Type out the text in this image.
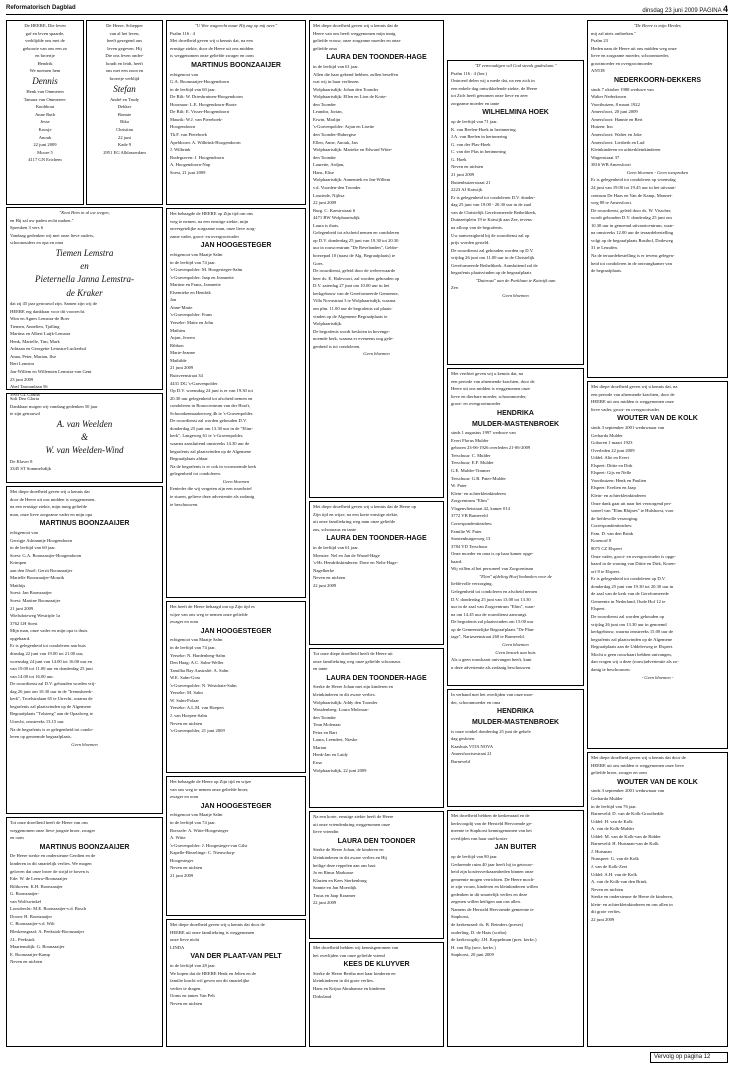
Reformatorisch Dagblad	dinsdag 23 juni 2009 PAGINA 4

De HEERE, Die leven

gaf en leven spaarde,

verblijdde ons met de

geboorte van ons een zo

en broertje

Hendrik

We noemen hem

Dennis

Henk van Ommeren

Tamara van Ommeren-

Knobbout

Anne Ruth

Jesse

Koosje

Anouk

22 juni 2009

Moore 5

4117 GN Erichem

De Heere, Schepper

van al het leven,

heeft gezegend ons

leven gegeven. Hij

Die ons leven onder-

houdt en leidt, heeft

ons met een zoon en

broertje verblijd

Stefan

André en Trudy

Dekker

Bonnie

Bika

Christian

22 juni

Kade 9

2951 EG Alblasserdam

"Kent Hem in al uw wegen,

en Hij zal uw paden recht maken."

Spreuken 3 vers 6

Vandaag gedenken wij met onze lieve ouders,

schoonouders en opa en oma

Tiemen Lemstra

en

Pieternella Janna Lemstra-

de Kraker

dat zij 45 jaar getrouwd zijn. Samen zijn wij de

HEERE erg dankbaar voor dit voorrecht.

Wim en Agnes Lemstra-de Boer

Tiemen, Annelien, Tjalling

Martina en Albert Luijk-Lemstra

Henk, Marielle, Tim, Mark

Adriaan en Georgette Lemstra-Luckerhof

Anna, Peter, Marian, Ilse

Bert Lemstra

Jan-Willem en Willemien Lemstra-van Gent

23 juni 2009

Abel Tasmanlaan 56

3903 GL Gouda

Soli Deo Gloria

Dankbaar mogen wij vandaag gedenken 50 jaar

te zijn getrouwd

A. van Weelden

&

W. van Weelden-Wind

De Klaver 8

3345 ST Sommelsdijk

Met diepe droefheid geven wij u kennis dat

door de Heere uit ons midden is weggenomen,

na een ernstige ziekte, mijn innig geliefde

man, onze lieve zorgzame vader en mijn opa

MARTINUS BOONZAAIJER

echtgenoot van

Gerrigje Adrianntje Hoogendoorn

in de leeftijd van 60 jaar.

Soest: G.A. Boonzaaijer-Hoogendoorn

Krimpen

aan den IJssel: Gerrit Boonzaaijer

Marielle Boonzaaijer-Mourik

Matthijs

Soest: Jan Boonzaaijer

Soest: Martine Boonzaaijer

21 juni 2009

Wielsdoteweg Westrijde 1a

3762 LH Soest

Mijn man, onze vader en mijn opa is thuis

opgebaard.

Er is gelegenheid tot condoleren aan huis

dinsdag 22 juni van 19.00 tot 21.00 uur,

woensdag 24 juni van 14.00 tot 16.00 uur en

van 19.00 tot 11.00 uur en donderdag 25 juni

van 14.00 tot 16.00 uur.

De rouwdienst zal D.V. gehouden worden vrij-

dag 26 juni om 10.30 uur in de "Irenusheerk-

kerk", Troelstralaan 65 te Utrecht, waarna de

begrafenis zal plaatsvinden op de Algemene

Begraafplaats "Tolsteeg" aan de Opaalweg te

Utrecht, omstreeks 13.15 uur.

Na de begrafenis is er gelegenheid tot condo-

leren op genoemde begraafplaats.

Geen bloemen

Tot onze droefheid heeft de Heere van ons

weggenomen onze lieve jongste broer, zwager

en oom

MARTINUS BOONZAAIJER

De Heere sterke en ondersteune Gerdien en de

kinderen in dit smartelijk verlies. We mogen

geloven dat onze broer de strijd te boven is

Ede: W. de Leeuw-Boonzaaijer

Bilthoven: K.H. Boonzaaijer

G. Boonzaaijer-

van Wolfswinkel

Loosdrecht: M.E. Boonzaaijer-v.d. Bosch

Doorn: H. Boonzaaijer

C. Boonzaaijer-v.d. Wilt

Bleskensgraaf: A. Peekstok-Boonzaaijer

J.L. Peekstok

Maartensdijk: G. Boonzaaijer

E. Boonzaaijer-Kamp

Neven en nichten

"U Wee wageecht maar Hij zag op mij neer."

Psalm 116 : 4

Met droefheid geven wij u kennis dat, na een

ernstige ziekte, door de Heere uit ons midden

is weggenomen onze geliefde zwager en oom

MARTINUS BOONZAAIJER

echtgenoot van

G.A. Boonzaaijer-Hoogendoorn

in de leeftijd van 60 jaar.

De Bilt: W. Driesbruinen-Hoogendoorn

Hoornaar: L.E. Hoogendoorn-Boote

De Bilt: E. Visser-Hoogendoorn

Maurik: W.J. van Piereboek-

Hoogendoorn

Th.F. van Piereboek

Apeldoorn: A. Wilbrink-Hoogendoorn

J. Wilbrink

Bodegraven: J. Hoogendoorn

A. Hoogendoorn-Nap

Soest, 21 juni 2009

Het behaagde de HEERE op Zijn tijd om ons

weg te nemen, na een ernstige ziekte, mijn

onvergetelijke zorgzame man, onze lieve zorg-

zame vader, groot- en overgrootvader

JAN HOOGESTEGER

echtgenoot van Maatje Salm

in de leeftijd van 74 jaar.

's-Gravenpolder: M. Hoogesteger-Salm

's-Gravenpolder: Jaap en Jeannette

Martine en Frans, Jeannette

Elsemieke en Hendrik

Jan

Anne-Marie

's-Gravenpolder: Frans

Yerseke: Matte en John

Mathieu

Arjan, Jeroen

Ribbon

Marie-Jeanne

Mathilde

21 juni 2009

Ruisveenstraat 34

4431 DG 's-Gravenpolder

Op D.V. woensdag 24 juni is er van 19.30 tot

20.30 uur gelegenheid tot afscheid nemen en

condoleren in Rouwcentrum van der Hooft,

Schoonkenmaakerweg 4b te 's-Gravenpolder.

De rouwdienst zal worden gehouden D.V.

donderdag 25 juni om 13.30 uur in de "Elim-

kerk", Langeweg 61 te 's-Gravenpolder,

waarna aansluitend omstreeks 14.30 uur de

begrafenis zal plaatsvinden op de Algemene

Begraafplaats aldaar.

Na de begrafenis is er ook in voornoemde kerk

gelegenheid tot condoleren.

Geen bloemen

Eenieder die wij vergeten zijn een rouwbrief

te sturen, gelieve deze advertentie als zodanig

te beschouwen.

Het heeft de Heere behaagd om op Zijn tijd es

wijze van ons weg te nemen onze geliefde

zwager en oom

JAN HOOGESTEGER

echtgenoot van Maatje Salm

in de leeftijd van 74 jaar.

Yerseke: N. Hardenberg-Salm

Den Haag: A.C. Salm-Weller

Tamilha Bay Australië: A. Salm

W.E. Salm-Goss

's-Gravenpolder: N. Westdrate-Salm

Yerseke: M. Salm

W. Salm-Polaar

Yerseke: A.L.M. van Hoepen

J. van Hoepen-Salm

Neven en nichten

's-Gravenpolder, 21 juni 2009

Het behaagde de Heere op Zijn tijd en wijze

van ons weg te nemen onze geliefde broer,

zwager en oom

JAN HOOGESTEGER

echtgenoot van Maatje Salm

in de leeftijd van 74 jaar.

Borssele: A. Witte-Hoogesteger

A. Witte

's-Gravenpolder: J. Hoogesteger-van Gilst

Kapelle-Biezelinge: C. Nieuwdorp-

Hoogesteger

Neven en nichten

21 juni 2009

Met diepe droefheid geven wij u kennis dat door de

HEERE uit onze familiekring is weggenomen

onze lieve nicht

LINDA

VAN DER PLAAT-VAN PELT

in de leeftijd van 28 jaar.

We hopen dat de HEERE Henk en Jelten en de

familie kracht wil geven om dit smartelijke

verlies te dragen.

Ooms en tantes Van Pelt

Neven en nichten

Met diepe droefheid geven wij u kennis dat de

Heere van ons heeft weggenomen mijn innig

geliefde vrouw, onze zorgzame moeder en onze

geliefde oma

LAURA DEN TOONDER-HAGE

in de leeftijd van 61 jaar.

Allen die haar gekend hebben, zullen beseffen

wat wij in haar verliezen.

Wolphaartsdijk: Johan den Toonder

Wolphaartsdijk: Ellen en Lion de Korte-

den Toonder

Leandra, Jorian,

Erwin, Marlijn

's-Gravenpolder: Arjan en Lisette

den Toonder-Habregtse

Ellen, Anne, Anouk, Jan

Wolphaartsdijk: Marieke en Edward Witte-

den Toonder

Laurette, Ardjan,

Hans, Elise

Wolphaartsdijk: Annemiek en Jan-Willem

v.d. Voorden-den Toonder

Lourinde, Nijlisa

22 juni 2009

Burg. C. Kaestrstraat 6

4471 BW Wolphaartsdijk

Laura is thuis.

Gelegenheid tot afscheid nemen en condoleren

op D.V. donderdag 25 juni van 19.30 tot 20.30

uur in rouwcentrum "De Revelanden", Gebbe-

boezepad 10 (naast de Alg. Begraafplaats) te

Goes.

De rouwdienst, geleid door de weleerwaarde

heer ds. E. Halevoort, zal worden gehouden op

D.V. zaterdag 27 juni om 10.00 uur in het

kerkgebouw van de Gereformeerde Gemeente,

Villa Novastraat 3 te Wolphaartsdijk, waarna

om plm. 11.00 uur de begrafenis zal plaats-

vinden op de Algemene Begraafplaats te

Wolphaartsdijk.

De begrafenis wordt besloten in bovenge-

noemde kerk, waarna er eveneens nog gele-

genheid is tot condoleren.

Geen bloemen

Met diepe droefheid geven wij u kennis dat de Heere op

Zijn tijd en wijze, na een korte ernstige ziekte,

uit onze familiekring weg nam onze geliefde

zus, schoonzus en tante

LAURA DEN TOONDER-HAGE

in de leeftijd van 61 jaar.

Monster: Nel en Jan de Waard-Hage

's-Hr. Hendrikskinderen: Dave en Nelie Hage-

Nagelkerke

Neven en nichten

22 juni 2009

Tot onze diepe droefheid heeft de Heere uit

onze familiekring weg onze geliefde schoonzus

en tante

LAURA DEN TOONDER-HAGE

Sterke de Heere Johan met zijn kinderen en

kleinkinderen in dit zware verlies.

Wolphaartsdijk: Addy den Toonder

Woudenberg: Loura Moleraar-

den Toonder

Teun Molenaar

Petra en Bart

Laura, Leendert, Nieske

Marian

Henk-Jan en Laidy

Erna

Wolphaartsdijk, 22 juni 2009

Na een korte, ernstige ziekte heeft de Heere

uit onze vriendenkring weggenomen onze

lieve vriendin

LAURA DEN TOONDER

Sterke de Heere Johan, de kinderen en

kleinkinderen in dit zware verlies en Hij

heilige deze reppelen aan ons hart.

Jo en Rinus Markusse

Klazien en Kees Sterkenburg

Sannie en Jan Moerdijk

Truus en Jaap Kraamer

22 juni 2009

Met droefheid hebben wij kennisgenomen van

het overlijden van onze geliefde vriend

KEES DE KLUYVER

Sterke de Heere Bertha met haar kinderen en

kleinkinderen in dit grote verlies.

Hans en Krijna Abrahamse en kinderen

Dirksland

"D' eenvoudigen wil God steeds gadeslaan."

Psalm 116 : 4 (ber.)

Ontroerd delen wij u mede dat, na een zich in

een enkele dag ontwikkelende ziekte, de Heere

tot Zich heeft genomen onze lieve en zeer

zorgzame moeder en tante

WILHELMINA HOEK

op de leeftijd van 71 jaar.

K. van Beelen-Hoek in herinnering

J.A. van Beelen in herinnering

G. van der Plas-Hoek

C. van der Plas in herinnering

G. Hoek

Neven en nichten

21 juni 2009

Buitenhuizerstraat 21

2223 AJ Katwijk

Er is gelegenheid tot condoleren D.V. donder-

dag 25 juni van 19.00 - 20.30 uur in de zaal

van de Christelijk Gereformeerde Betheltkerk,

Duinzeitplein 19 te Katwijk aan Zee, tevens

na afloop van de begrafenis.

Uw aanwezigheid bij de rouwdienst zal op

prijs worden gesteld.

De rouwdienst zal gehouden worden op D.V.

vrijdag 26 juni om 11.00 uur in de Christelijk

Gereformeerde Betheltkerk. Aansluitend zal de

begrafenis plaatsvinden op de begraafplaats

"Duinrust" aan de Parklaan te Katwijk aan

Zee.

Geen bloemen

Met verdriet geven wij u kennis dat, na

een periode van afnemende krachten, door de

Heere uit ons midden is weggenomen onze

lieve en dierbare moeder, schoonmoeder,

groot- en overgrootmoeder

HENDRIKA

MULDER-MASTENBROEK

sinds 1 augustus 1997 weduwe van

Evert Florus Mulder

geboren 23-06-1926 overleden 21-06-2009

Terschuur: C. Mulder

Terschuur: E.F. Mulder

G.E. Mulder-Timmer

Terschuur: G.B. Pater-Mulder

W. Pater

Klein- en achterkleinkinderen

Zorgcentrum "Elim"

Vlagenvlietstraat 42, kamer 014

3772 VB Barneveld

Correspondentieadres:

Familie W. Pater

Stoutenburgerweg 13

3784 VD Terschuur

Onze moeder en oma is op haar kamer opge-

baard.

Wij willen al het personeel van Zorgcentrum

"Elim" afdeling Hoef bedanken voor de

liefdevolle verzorging.

Gelegenheid tot condoleren en afscheid nemen

D.V. donderdag 25 juni van 13.00 tot 13.30

uur in de zaal van Zorgcentrum "Elim", waar-

na om 14.45 uur de rouwdienst aanvangt.

De begrafenis zal plaatsvinden om 15.00 uur

op de Gemeentelijke Begraafplaats "De Plan-

tage", Nartzseenstraat 260 te Barneveld.

Geen bloemen

Geen bezoek aan huis

Als u geen rouwkaart ontvangen heeft, kunt

u deze advertentie als zodanig beschouwen.

In verband met het overlijden van onze moe-

der, schoonmoeder en oma

HENDRIKA

MULDER-MASTENBROEK

is onze winkel donderdag 25 juni de gehele

dag gesloten.

Kaashuis VITA NOVA

Amersfoortsestraat 21

Barneveld

Met droefheid hebben de kerkenraad en de

kerkvoogdij van de Hersteld Hervormde ge-

meente te Staphorst kennisgenomen van het

overlijden van haar oud-koster

JAN BUITER

op de leeftijd van 80 jaar.

Gedurende ruim 40 jaar heeft hij in getrouw-

heid zijn kostersverkzaamheden binnen onze

gemeente mogen verrichten. De Heere moch-

te zijn vrouw, kinderen en kleinkinderen willen

gedenken in dit smartelijk verlies en deze

zegenen willen heiligen aan ons allen.

Namens de Hersteld Hervormde gemeente te

Staphorst,

de kerkenraad: ds. B. Reinders (preses)

ouderling. D. de Haas (scriba)

de kerkvoogdij: J.H. Koppelman (pres. kerkv.)

H. van Elp (secr. kerkv.)

Staphorst, 20 juni 2009

"De Heere is mijn Herder,

mij zal niets ontbreken."

Psalm 23

Heden nam de Heere uit ons midden weg onze

lieve en zorgzame moeder, schoonmoeder,

grootmoeder en overgrootmoeder

ANTJE

NEDERKOORN-DEKKERS

sinds 7 oktober 1988 weduwe van

Walter Nederkoorn

Voorthuizen, 8 maart 1922

Amersfoort, 20 juni 2009

Amersfoort: Hannie en Bert

Huizen: Ino

Amersfoort: Walter en Joke

Amersfoort: Liesbeth en Lud

Kleinkinderen en achterkleinkinderen

Wagenstraat 37

3816 WB Amersfoort

Geen bloemen - Geen toespraken

Er is gelegenheid tot condoleren op woensdag

24 juni van 19.00 tot 19.45 uur in het uitvaart-

centrum De Haas en Van de Kamp, Monnet-

weg 88 te Amersfoort.

De rouwdienst, geleid door ds. W. Visscher,

wordt gehouden D.V. donderdag 25 juni om

10.30 uur in genoemd uitvaartcentrum, waar-

na omstreeks 12.00 uur de teraardebestelling

volgt op de begraafplaats Rusthof, Dodeweg

31 te Leusden.

Na de teraardebestelling is er tevens gelegen-

heid tot condoleren in de ontvangkamer van

de begraafplaats.

Met diepe droefheid geven wij u kennis dat, na

een periode van afnemende krachten, door de

HEERE uit ons midden is weggenomen onze

lieve vader, groot- en overgrootvader

WOUTER VAN DE KOLK

sinds 3 september 2001 weduwnaar van

Gerharda Mulder

Goboren 1 maart 1923

Overleden 22 juni 2009

Uddel: Alie en Evert

Elspeet: Dittie en Dirk

Elspeet: Gijs en Nelle

Voorthuizen: Henk en Paulien

Elspeet: Evelien en Jaap

Klein- en achterkleinkinderen

Onze dank gaat uit naar het verzorgend per-

soneel van "Elim Rhijnes" te Hulshorst, voor

de liefdevolle verzorging.

Correspondentieadres:

Fam. D. van den Brink

Korenorf 8

8075 CZ Elspeet

Onze vader, groot- en overgrootvader is opge-

baard in de woning van Dittie en Dirk, Koren-

orf 8 te Elspeet.

Er is gelegenheid tot condoleren op D.V.

donderdag 25 juni van 19.30 tot 20.30 uur in

de zaal van de kerk van de Gereformeerde

Gemeente in Nederland, Oude Hof 12 te

Elspeet.

De rouwdienst zal worden gehouden op

vrijdag 26 juni om 13.30 uur in genoemd

kerkgebouw, waarna omstreeks 15.00 uur de

begrafenis zal plaatsvinden op de Algemene

Begraafplaats aan de Uddelerweg te Elspeet.

Mocht u geen rouwkaart hebben ontvangen,

dan vragen wij u deze (rouw)advertentie als zo-

danig te beschouwen.

- Geen bloemen -

Met diepe droefheid geven wij u kennis dat door de

HEERE uit ons midden is weggenomen onze lieve

geliefde broer, zwager en oom

WOUTER VAN DE KOLK

sinds 3 september 2001 weduwnaar van

Gerharda Mulder

in de leeftijd van 76 jaar.

Barneveld: D. van de Kolk-Grootbedde

Uddel: H. van de Kolk

A. van de Kolk-Mulder

Uddel: M. van de Kolk-van de Ridder

Barneveld: H. Huisman-van de Kolk

J. Huisman

Nunspeet: G. van de Kolk

J. van de Kolk-Zeet

Uddel: A.H. van de Kolk

A. van de Kolk-van den Brink

Neven en nichten

Sterke en ondersteune de Heere de kinderen,

klein- en achterkleinkinderen en ons allen in

dit grote verlies.

22 juni 2009

Vervolg op pagina 12
